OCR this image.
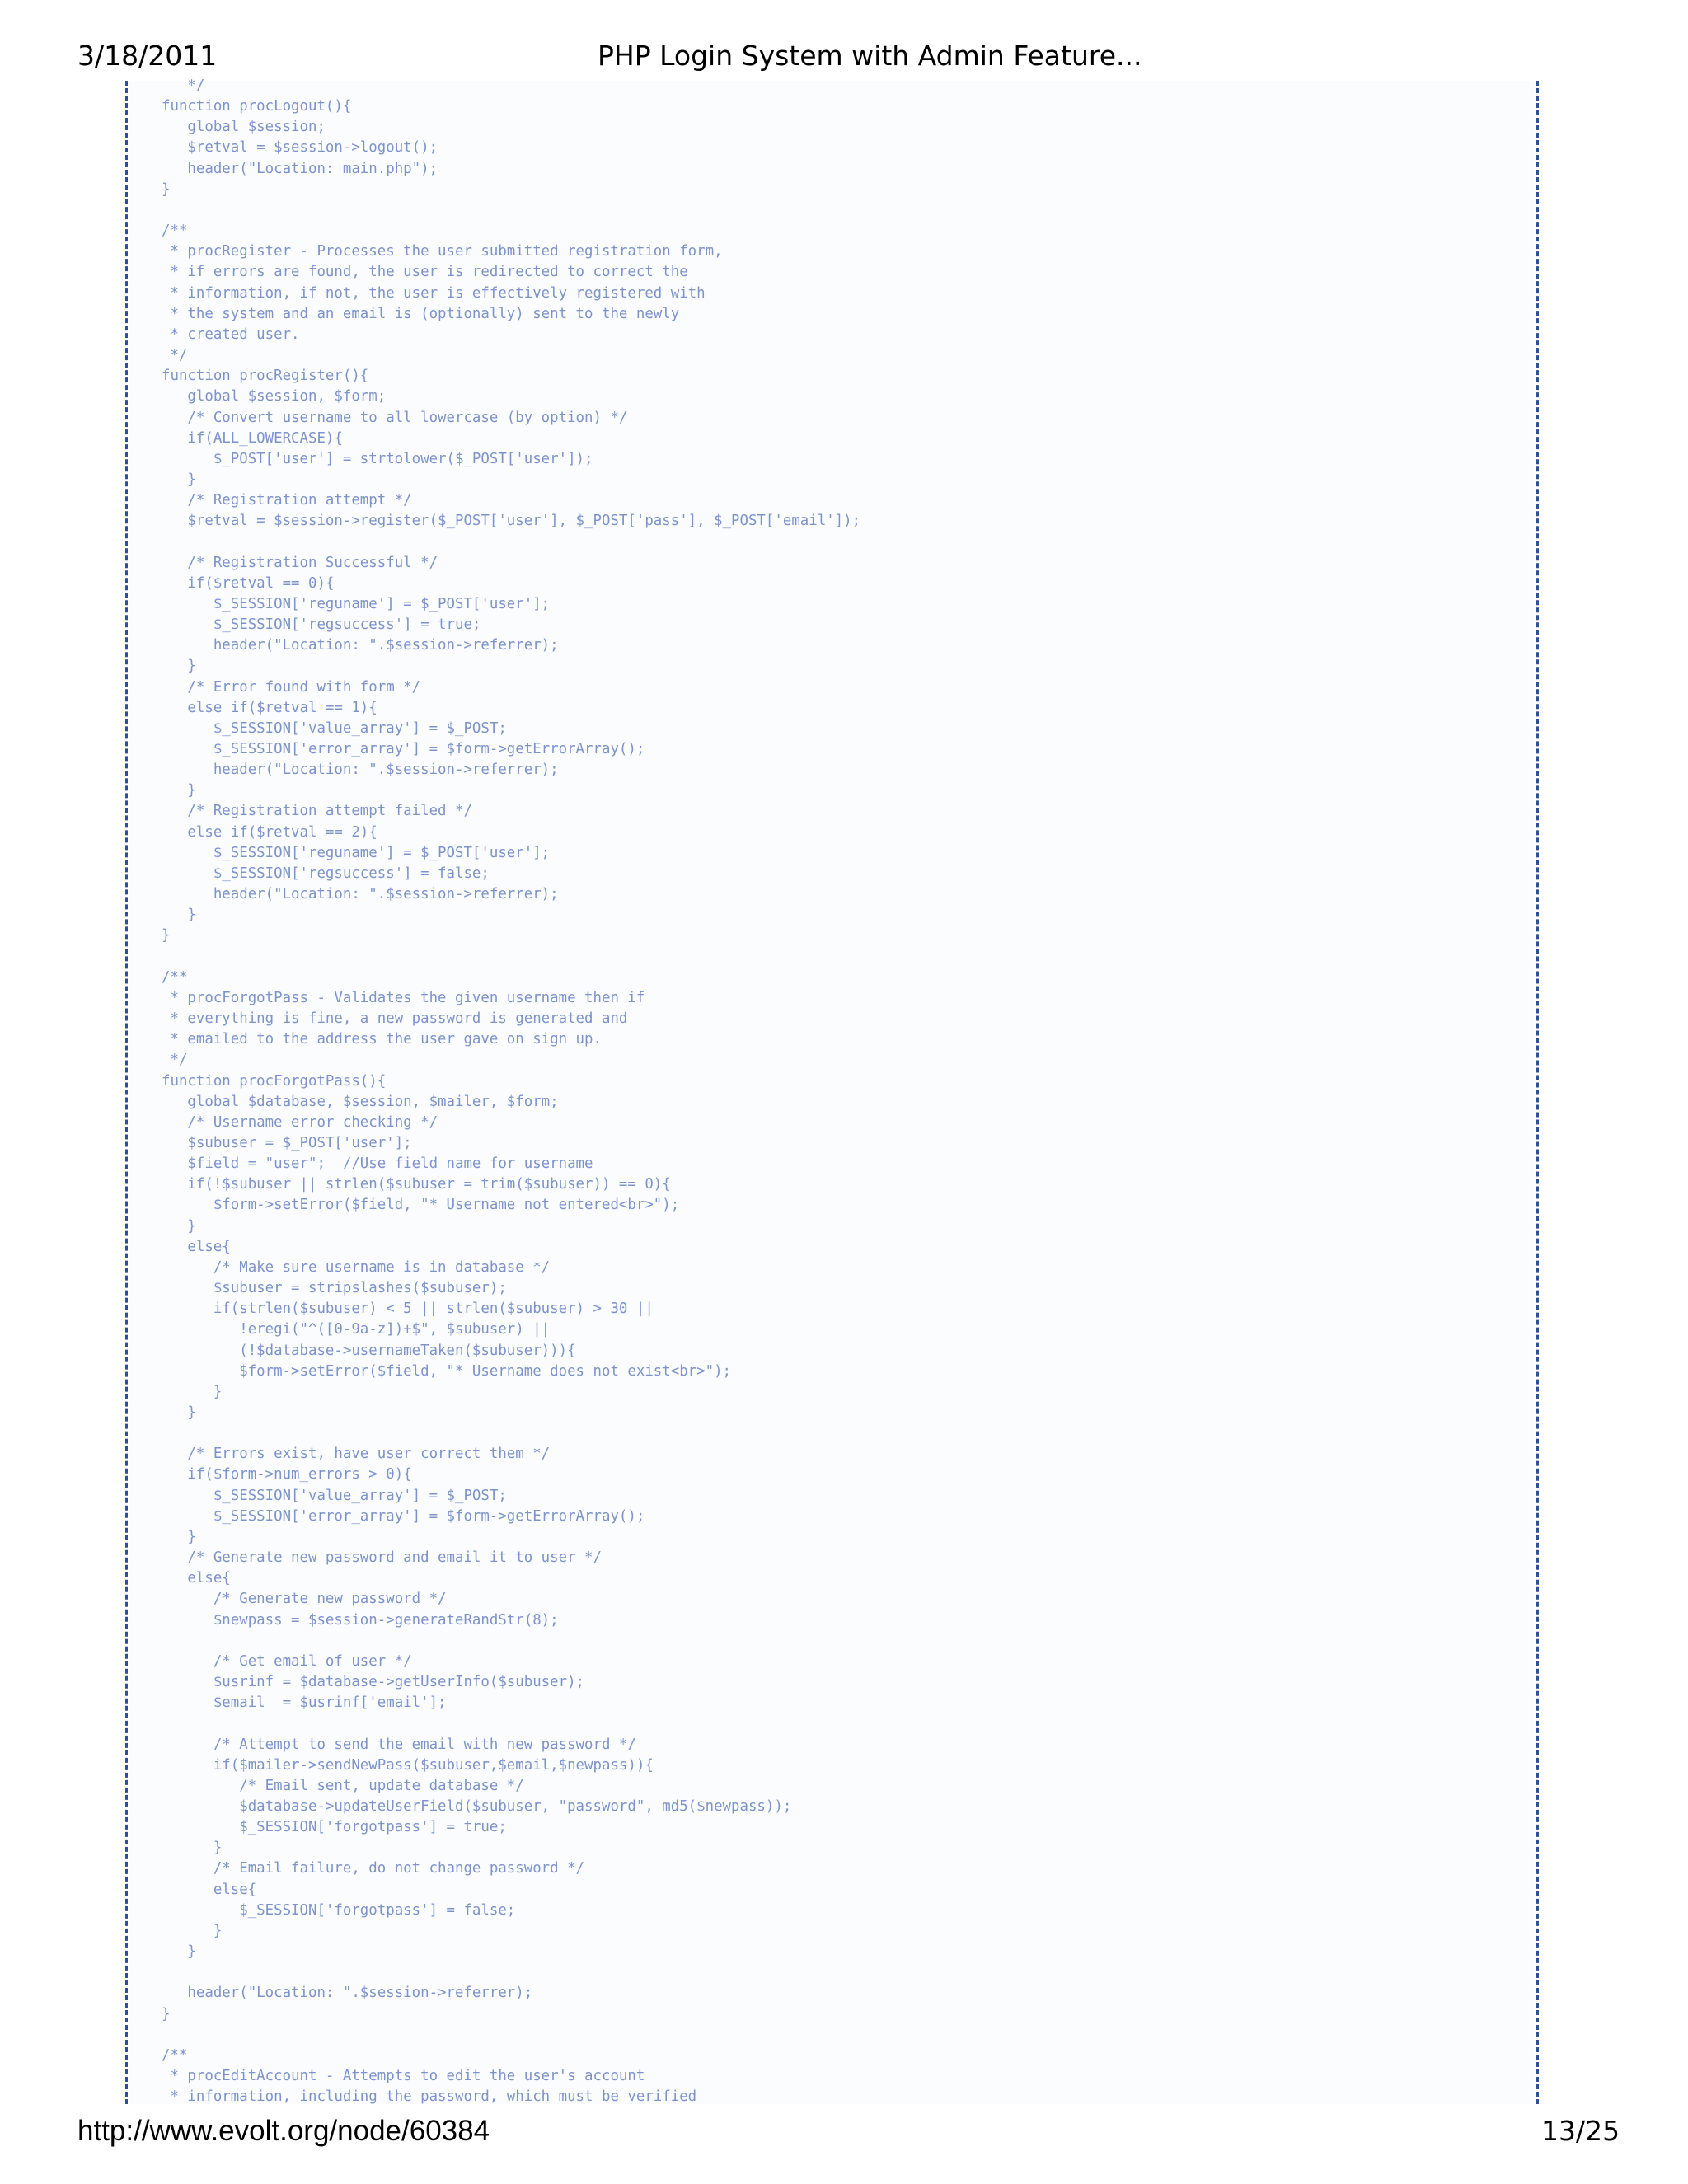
3/18/2011	PHP Login System with Admin Feature...
*/
function procLogout(){
global $session;
$retval = $session->logout();
header("Location: main.php");
}

/**
* procRegister - Processes the user submitted registration form,
* if errors are found, the user is redirected to correct the
* information, if not, the user is effectively registered with
* the system and an email is (optionally) sent to the newly
* created user.
*/
function procRegister(){
global $session, $form;
/* Convert username to all lowercase (by option) */
if(ALL_LOWERCASE){
$_POST['user'] = strtolower($_POST['user']);
}
/* Registration attempt */
$retval = $session->register($_POST['user'], $_POST['pass'], $_POST['email']);

/* Registration Successful */
if($retval == 0){
$_SESSION['reguname'] = $_POST['user'];
$_SESSION['regsuccess'] = true;
header("Location: ".$session->referrer);
}
/* Error found with form */
else if($retval == 1){
$_SESSION['value_array'] = $_POST;
$_SESSION['error_array'] = $form->getErrorArray();
header("Location: ".$session->referrer);
}
/* Registration attempt failed */
else if($retval == 2){
$_SESSION['reguname'] = $_POST['user'];
$_SESSION['regsuccess'] = false;
header("Location: ".$session->referrer);
}
}

/**
* procForgotPass - Validates the given username then if
* everything is fine, a new password is generated and
* emailed to the address the user gave on sign up.
*/
function procForgotPass(){
global $database, $session, $mailer, $form;
/* Username error checking */
$subuser = $_POST['user'];
$field = "user";  //Use field name for username
if(!$subuser || strlen($subuser = trim($subuser)) == 0){
$form->setError($field, "* Username not entered<br>");
}
else{
/* Make sure username is in database */
$subuser = stripslashes($subuser);
if(strlen($subuser) < 5 || strlen($subuser) > 30 ||
!eregi("^([0-9a-z])+$", $subuser) ||
(!$database->usernameTaken($subuser))){
$form->setError($field, "* Username does not exist<br>");
}
}

/* Errors exist, have user correct them */
if($form->num_errors > 0){
$_SESSION['value_array'] = $_POST;
$_SESSION['error_array'] = $form->getErrorArray();
}
/* Generate new password and email it to user */
else{
/* Generate new password */
$newpass = $session->generateRandStr(8);

/* Get email of user */
$usrinf = $database->getUserInfo($subuser);
$email  = $usrinf['email'];

/* Attempt to send the email with new password */
if($mailer->sendNewPass($subuser,$email,$newpass)){
/* Email sent, update database */
$database->updateUserField($subuser, "password", md5($newpass));
$_SESSION['forgotpass'] = true;
}
/* Email failure, do not change password */
else{
$_SESSION['forgotpass'] = false;
}
}

header("Location: ".$session->referrer);
}

/**
* procEditAccount - Attempts to edit the user's account
* information, including the password, which must be verified
http://www.evolt.org/node/60384	13/25
